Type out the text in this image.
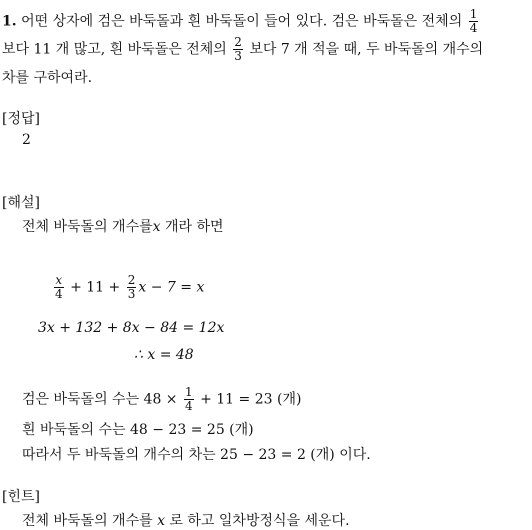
1. 어떤 상자에 검은 바둑돌과 흰 바둑돌이 들어 있다. 검은 바둑돌은 전체의 $\frac{1}{4}$
보다 11 개 많고, 흰 바둑돌은 전체의 $\frac{2}{3}$ 보다 7 개 적을 때, 두 바둑돌의 개수의
차를 구하여라.
[정답]
2
[해설]
전체 바둑돌의 개수를x 개라 하면
$\frac{x}{4} + 11 + \frac{2}{3}$ x − 7 = x
3x + 132 + 8x − 84 = 12x
∴ x = 48
검은 바둑돌의 수는 $48 \times \frac{1}{4} + 11 = 23$ (개)
흰 바둑돌의 수는 48 − 23 = 25 (개)
따라서 두 바둑돌의 개수의 차는 25 − 23 = 2 (개) 이다.
[힌트]
전체 바둑돌의 개수를 x 로 하고 일차방정식을 세운다.
